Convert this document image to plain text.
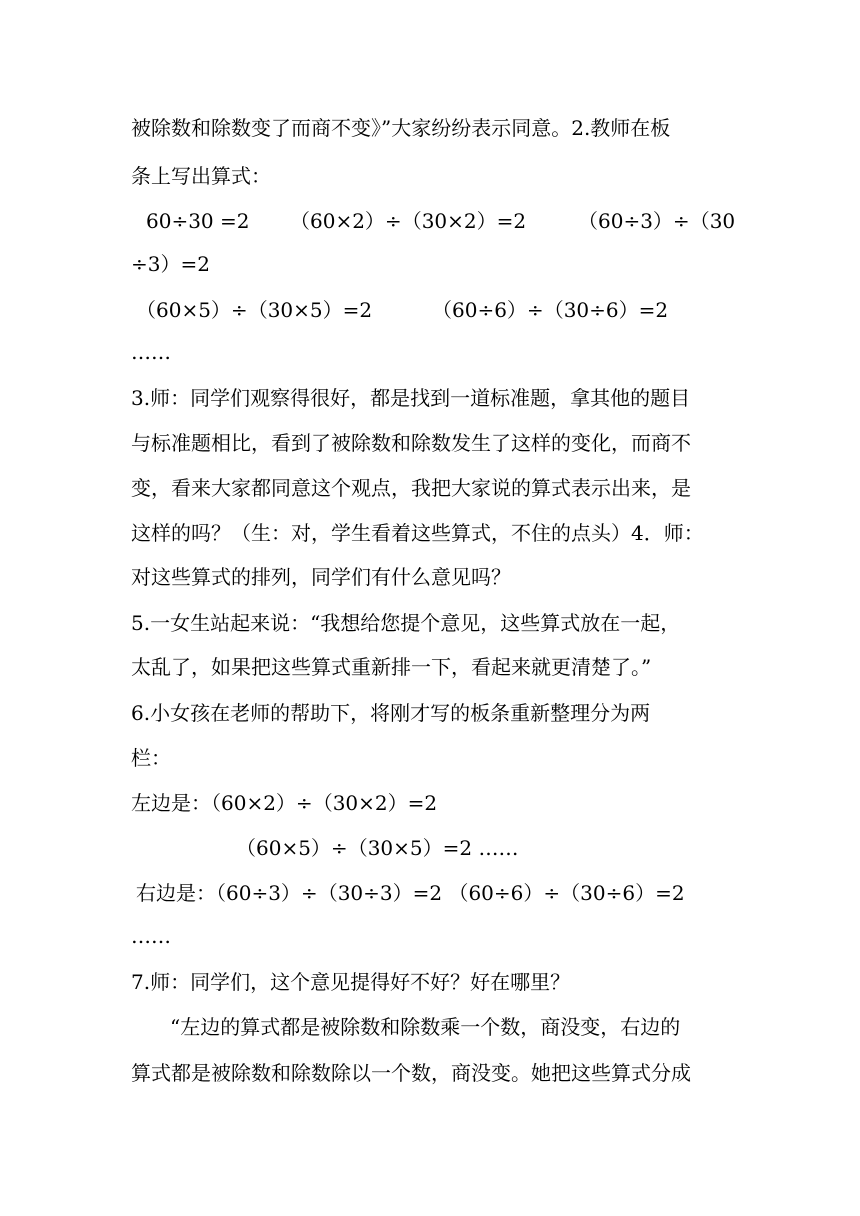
被除数和除数变了而商不变》”大家纷纷表示同意。2.教师在板
条上写出算式：
60÷30 =2 （60×2）÷（30×2）=2	（60÷3）÷（30
÷3）=2
（60×5）÷（30×5）=2	（60÷6）÷（30÷6）=2
……
3.师：同学们观察得很好，都是找到一道标准题，拿其他的题目
与标准题相比，看到了被除数和除数发生了这样的变化，而商不
变，看来大家都同意这个观点，我把大家说的算式表示出来，是
这样的吗？（生：对，学生看着这些算式，不住的点头）4．师：
对这些算式的排列，同学们有什么意见吗？
5.一女生站起来说：“我想给您提个意见，这些算式放在一起，
太乱了，如果把这些算式重新排一下，看起来就更清楚了。”
6.小女孩在老师的帮助下，将刚才写的板条重新整理分为两
栏：
左边是：（60×2）÷（30×2）=2
（60×5）÷（30×5）=2 ……
右边是：（60÷3）÷（30÷3）=2 （60÷6）÷（30÷6）=2
……
7.师：同学们，这个意见提得好不好？好在哪里？
“左边的算式都是被除数和除数乘一个数，商没变，右边的
算式都是被除数和除数除以一个数，商没变。她把这些算式分成
